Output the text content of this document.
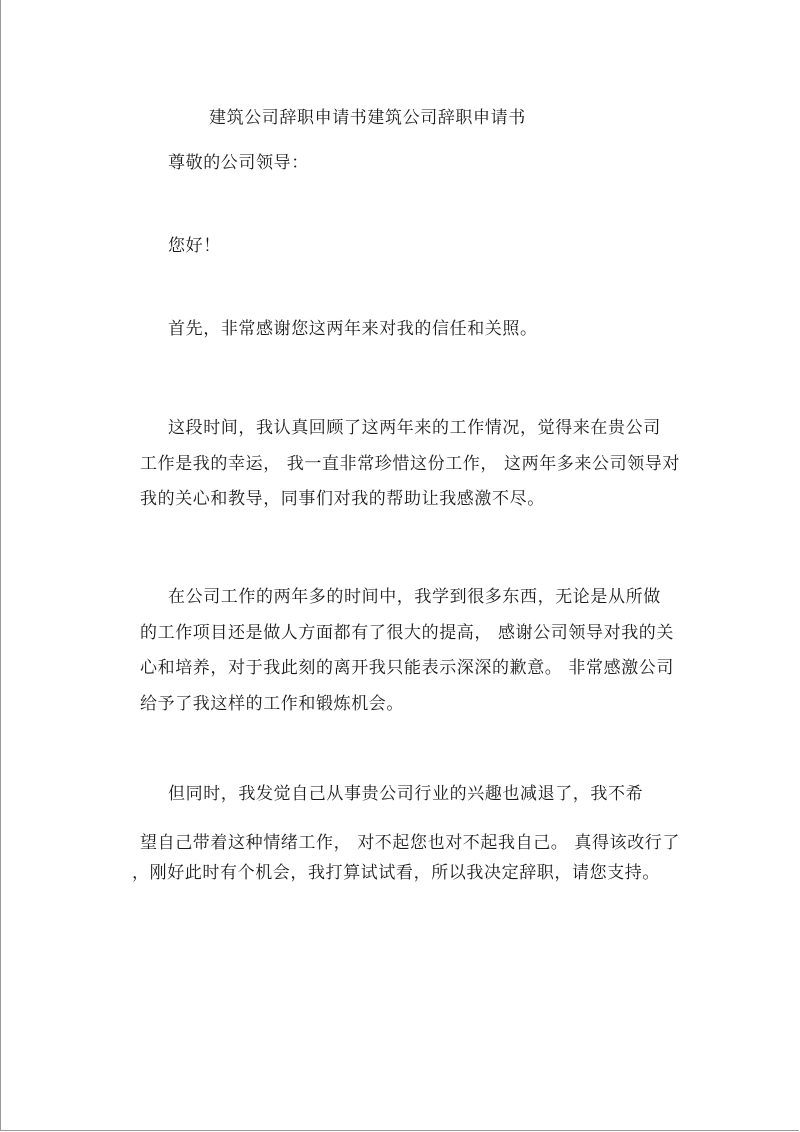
建筑公司辞职申请书建筑公司辞职申请书
尊敬的公司领导：
您好！
首先，非常感谢您这两年来对我的信任和关照。
这段时间，我认真回顾了这两年来的工作情况，觉得来在贵公司
工作是我的幸运， 我一直非常珍惜这份工作， 这两年多来公司领导对
我的关心和教导，同事们对我的帮助让我感激不尽。
在公司工作的两年多的时间中，我学到很多东西，无论是从所做
的工作项目还是做人方面都有了很大的提高， 感谢公司领导对我的关
心和培养，对于我此刻的离开我只能表示深深的歉意。 非常感激公司
给予了我这样的工作和锻炼机会。
但同时，我发觉自己从事贵公司行业的兴趣也减退了，我不希
望自己带着这种情绪工作， 对不起您也对不起我自己。 真得该改行了
，刚好此时有个机会，我打算试试看，所以我决定辞职，请您支持。
